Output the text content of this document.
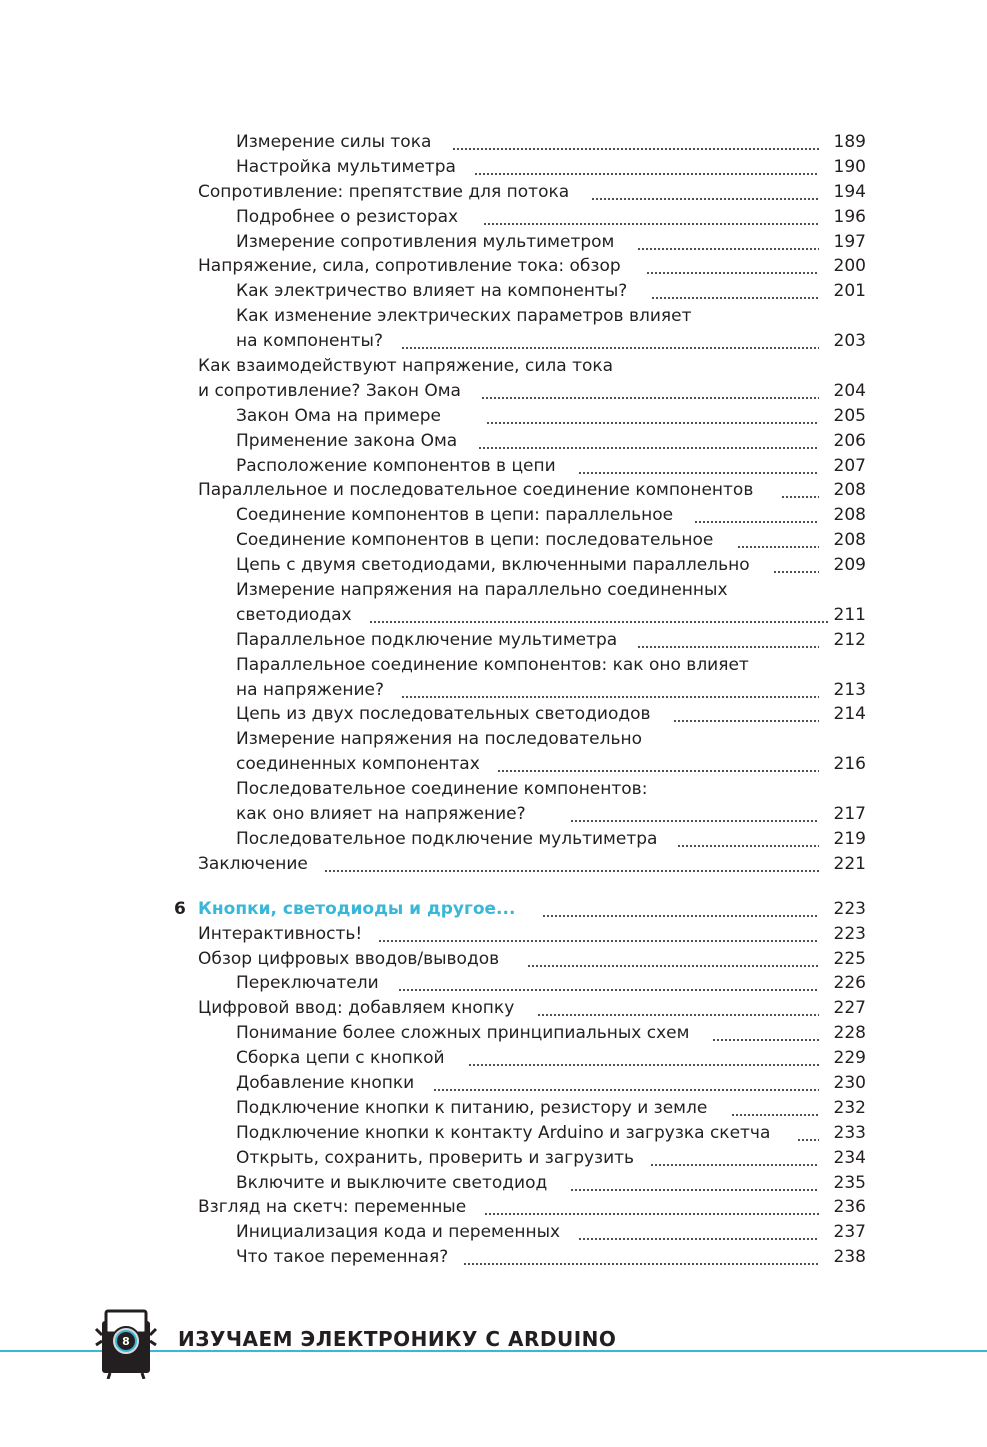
Измерение силы тока	189
Настройка мультиметра	190
Сопротивление: препятствие для потока	194
Подробнее о резисторах	196
Измерение сопротивления мультиметром	197
Напряжение, сила, сопротивление тока: обзор	200
Как электричество влияет на компоненты?	201
Как изменение электрических параметров влияет
на компоненты?	203
Как взаимодействуют напряжение, сила тока
и сопротивление? Закон Ома	204
Закон Ома на примере	205
Применение закона Ома	206
Расположение компонентов в цепи	207
Параллельное и последовательное соединение компонентов	208
Соединение компонентов в цепи: параллельное	208
Соединение компонентов в цепи: последовательное	208
Цепь с двумя светодиодами, включенными параллельно	209
Измерение напряжения на параллельно соединенных
светодиодах	211
Параллельное подключение мультиметра	212
Параллельное соединение компонентов: как оно влияет
на напряжение?	213
Цепь из двух последовательных светодиодов	214
Измерение напряжения на последовательно
соединенных компонентах	216
Последовательное соединение компонентов:
как оно влияет на напряжение?	217
Последовательное подключение мультиметра	219
Заключение	221
6 Кнопки, светодиоды и другое...	223
Интерактивность!	223
Обзор цифровых вводов/выводов	225
Переключатели	226
Цифровой ввод: добавляем кнопку	227
Понимание более сложных принципиальных схем	228
Сборка цепи с кнопкой	229
Добавление кнопки	230
Подключение кнопки к питанию, резистору и земле	232
Подключение кнопки к контакту Arduino и загрузка скетча	233
Открыть, сохранить, проверить и загрузить	234
Включите и выключите светодиод	235
Взгляд на скетч: переменные	236
Инициализация кода и переменных	237
Что такое переменная?	238
8 ИЗУЧАЕМ ЭЛЕКТРОНИКУ С ARDUINO
